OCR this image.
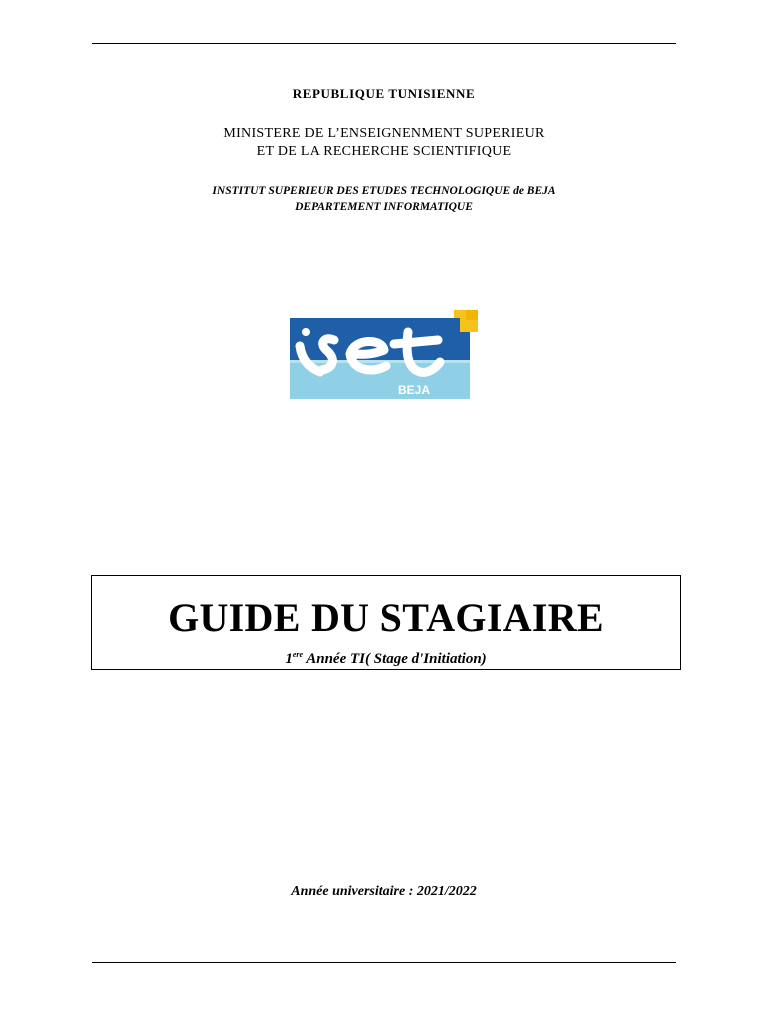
REPUBLIQUE TUNISIENNE
MINISTERE DE L’ENSEIGNENMENT SUPERIEUR
ET DE LA RECHERCHE SCIENTIFIQUE
INSTITUT SUPERIEUR DES ETUDES TECHNOLOGIQUE de BEJA
DEPARTEMENT INFORMATIQUE
BEJA
GUIDE DU STAGIAIRE
1ere Année TI( Stage d'Initiation)
Année universitaire : 2021/2022
